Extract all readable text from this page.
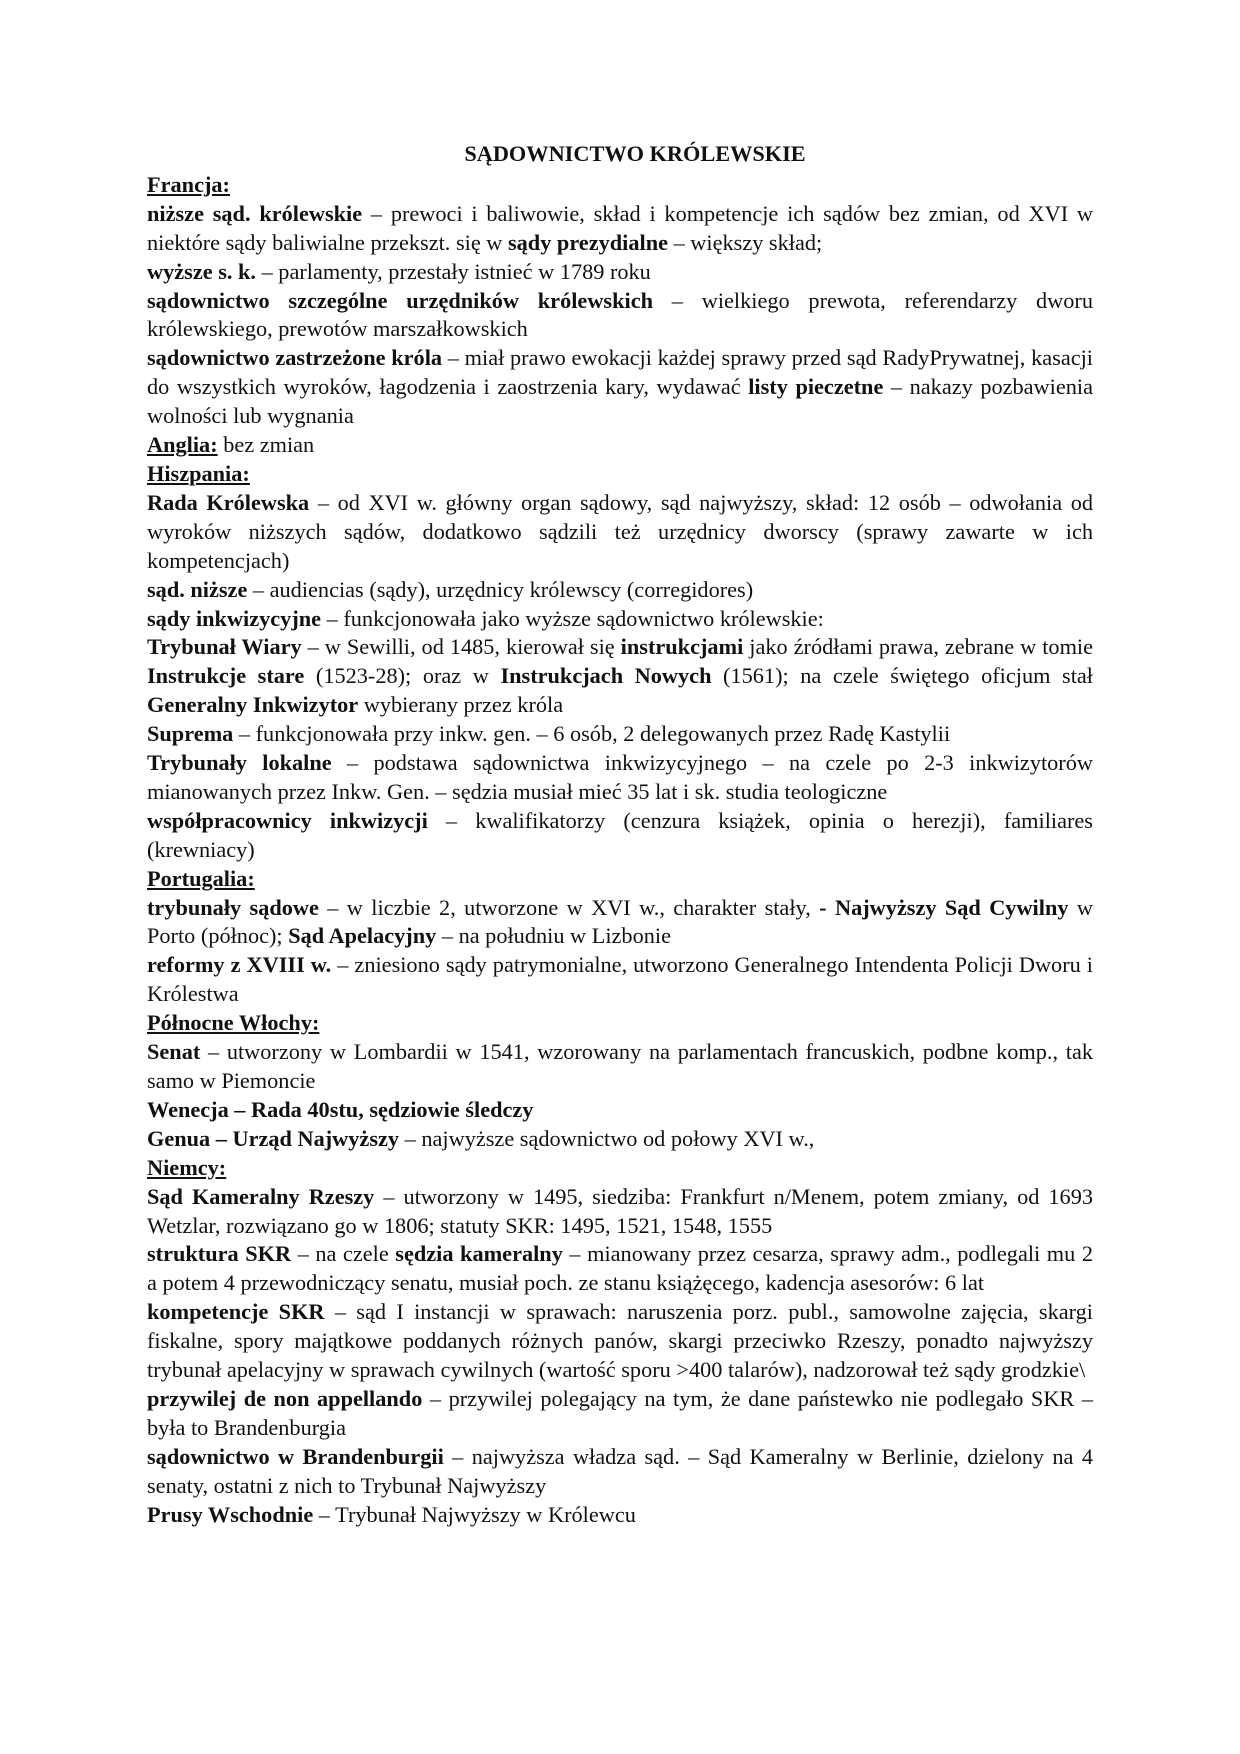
SĄDOWNICTWO KRÓLEWSKIE
Francja:
niższe sąd. królewskie – prewoci i baliwowie, skład i kompetencje ich sądów bez zmian, od XVI w niektóre sądy baliwialne przekszt. się w sądy prezydialne – większy skład;
wyższe s. k. – parlamenty, przestały istnieć w 1789 roku
sądownictwo szczególne urzędników królewskich – wielkiego prewota, referendarzy dworu królewskiego, prewotów marszałkowskich
sądownictwo zastrzeżone króla – miał prawo ewokacji każdej sprawy przed sąd RadyPrywatnej, kasacji do wszystkich wyroków, łagodzenia i zaostrzenia kary, wydawać listy pieczetne – nakazy pozbawienia wolności lub wygnania
Anglia: bez zmian
Hiszpania:
Rada Królewska – od XVI w. główny organ sądowy, sąd najwyższy, skład: 12 osób – odwołania od wyroków niższych sądów, dodatkowo sądzili też urzędnicy dworscy (sprawy zawarte w ich kompetencjach)
sąd. niższe – audiencias (sądy), urzędnicy królewscy (corregidores)
sądy inkwizycyjne – funkcjonowała jako wyższe sądownictwo królewskie:
Trybunał Wiary – w Sewilli, od 1485, kierował się instrukcjami jako źródłami prawa, zebrane w tomie Instrukcje stare (1523-28); oraz w Instrukcjach Nowych (1561); na czele świętego oficjum stał Generalny Inkwizytor wybierany przez króla
Suprema – funkcjonowała przy inkw. gen. – 6 osób, 2 delegowanych przez Radę Kastylii
Trybunały lokalne – podstawa sądownictwa inkwizycyjnego – na czele po 2-3 inkwizytorów mianowanych przez Inkw. Gen. – sędzia musiał mieć 35 lat i sk. studia teologiczne
współpracownicy inkwizycji – kwalifikatorzy (cenzura książek, opinia o herezji), familiares (krewniacy)
Portugalia:
trybunały sądowe – w liczbie 2, utworzone w XVI w., charakter stały, - Najwyższy Sąd Cywilny w Porto (północ); Sąd Apelacyjny – na południu w Lizbonie
reformy z XVIII w. – zniesiono sądy patrymonialne, utworzono Generalnego Intendenta Policji Dworu i Królestwa
Północne Włochy:
Senat – utworzony w Lombardii w 1541, wzorowany na parlamentach francuskich, podbne komp., tak samo w Piemoncie
Wenecja – Rada 40stu, sędziowie śledczy
Genua – Urząd Najwyższy – najwyższe sądownictwo od połowy XVI w.,
Niemcy:
Sąd Kameralny Rzeszy – utworzony w 1495, siedziba: Frankfurt n/Menem, potem zmiany, od 1693 Wetzlar, rozwiązano go w 1806; statuty SKR: 1495, 1521, 1548, 1555
struktura SKR – na czele sędzia kameralny – mianowany przez cesarza, sprawy adm., podlegali mu 2 a potem 4 przewodniczący senatu, musiał poch. ze stanu książęcego, kadencja asesorów: 6 lat
kompetencje SKR – sąd I instancji w sprawach: naruszenia porz. publ., samowolne zajęcia, skargi fiskalne, spory majątkowe poddanych różnych panów, skargi przeciwko Rzeszy, ponadto najwyższy trybunał apelacyjny w sprawach cywilnych (wartość sporu >400 talarów), nadzorował też sądy grodzkie\
przywilej de non appellando – przywilej polegający na tym, że dane państewko nie podlegało SKR – była to Brandenburgia
sądownictwo w Brandenburgii – najwyższa władza sąd. – Sąd Kameralny w Berlinie, dzielony na 4 senaty, ostatni z nich to Trybunał Najwyższy
Prusy Wschodnie – Trybunał Najwyższy w Królewcu
